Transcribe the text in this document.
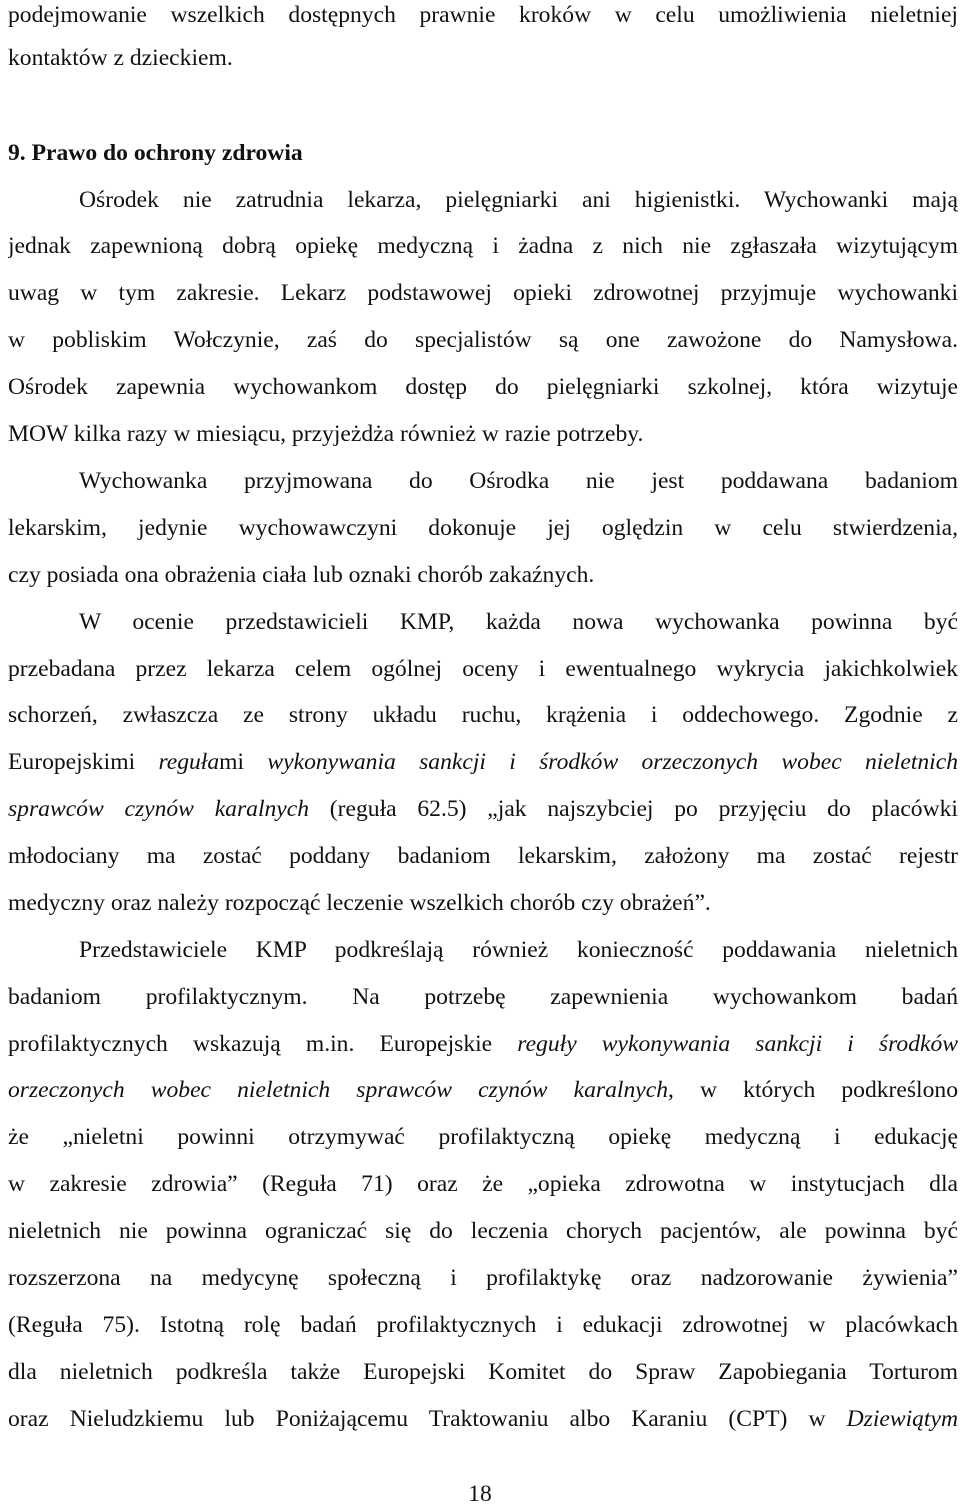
podejmowanie wszelkich dostępnych prawnie kroków w celu umożliwienia nieletniej
kontaktów z dzieckiem.
9. Prawo do ochrony zdrowia
Ośrodek nie zatrudnia lekarza, pielęgniarki ani higienistki. Wychowanki mają
jednak zapewnioną dobrą opiekę medyczną i żadna z nich nie zgłaszała wizytującym
uwag w tym zakresie. Lekarz podstawowej opieki zdrowotnej przyjmuje wychowanki
w pobliskim Wołczynie, zaś do specjalistów są one zawożone do Namysłowa.
Ośrodek zapewnia wychowankom dostęp do pielęgniarki szkolnej, która wizytuje
MOW kilka razy w miesiącu, przyjeżdża również w razie potrzeby.
Wychowanka przyjmowana do Ośrodka nie jest poddawana badaniom
lekarskim, jedynie wychowawczyni dokonuje jej oględzin w celu stwierdzenia,
czy posiada ona obrażenia ciała lub oznaki chorób zakaźnych.
W ocenie przedstawicieli KMP, każda nowa wychowanka powinna być
przebadana przez lekarza celem ogólnej oceny i ewentualnego wykrycia jakichkolwiek
schorzeń, zwłaszcza ze strony układu ruchu, krążenia i oddechowego. Zgodnie z
Europejskimi regułami wykonywania sankcji i środków orzeczonych wobec nieletnich
sprawców czynów karalnych (reguła 62.5) „jak najszybciej po przyjęciu do placówki
młodociany ma zostać poddany badaniom lekarskim, założony ma zostać rejestr
medyczny oraz należy rozpocząć leczenie wszelkich chorób czy obrażeń”.
Przedstawiciele KMP podkreślają również konieczność poddawania nieletnich
badaniom profilaktycznym. Na potrzebę zapewnienia wychowankom badań
profilaktycznych wskazują m.in. Europejskie reguły wykonywania sankcji i środków
orzeczonych wobec nieletnich sprawców czynów karalnych, w których podkreślono
że „nieletni powinni otrzymywać profilaktyczną opiekę medyczną i edukację
w zakresie zdrowia” (Reguła 71) oraz że „opieka zdrowotna w instytucjach dla
nieletnich nie powinna ograniczać się do leczenia chorych pacjentów, ale powinna być
rozszerzona na medycynę społeczną i profilaktykę oraz nadzorowanie żywienia”
(Reguła 75). Istotną rolę badań profilaktycznych i edukacji zdrowotnej w placówkach
dla nieletnich podkreśla także Europejski Komitet do Spraw Zapobiegania Torturom
oraz Nieludzkiemu lub Poniżającemu Traktowaniu albo Karaniu (CPT) w Dziewiątym
18
